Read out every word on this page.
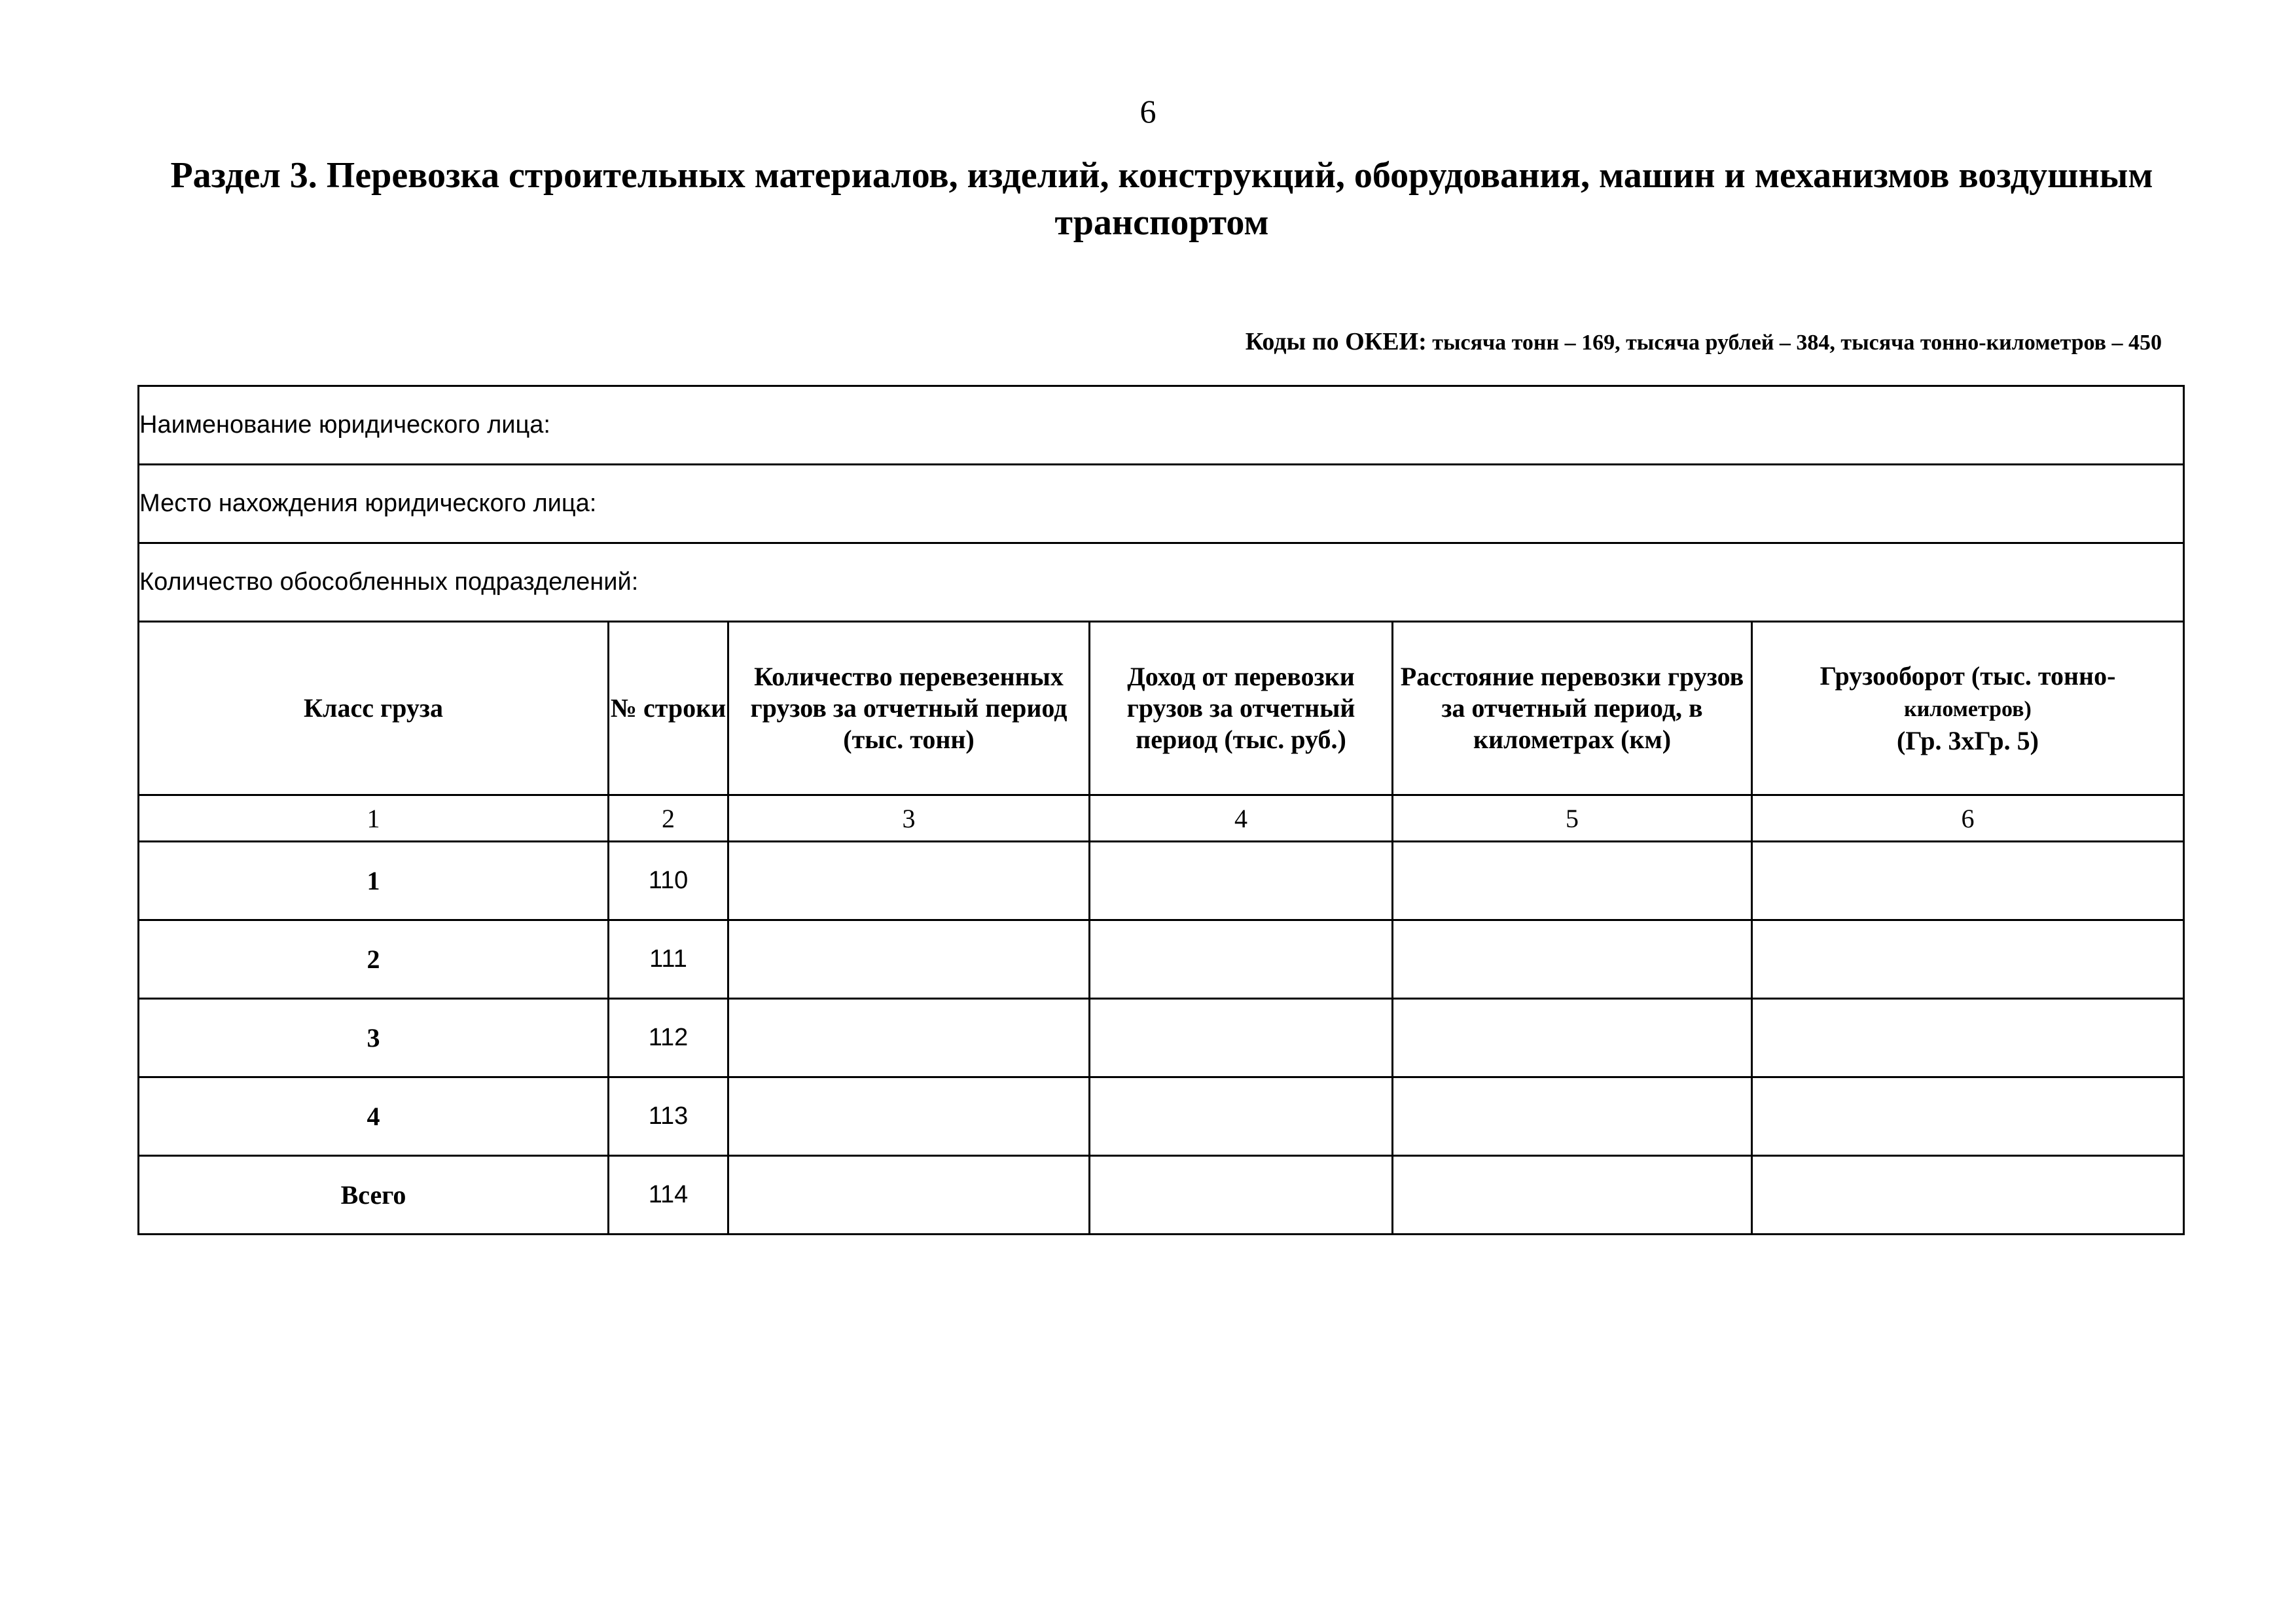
6
Раздел 3. Перевозка строительных материалов, изделий, конструкций, оборудования, машин и механизмов воздушным транспортом
Коды по ОКЕИ: тысяча тонн – 169, тысяча рублей – 384, тысяча тонно-километров – 450
Наименование юридического лица:					
Место нахождения юридического лица:					
Количество обособленных подразделений:					
Класс груза	№ строки	Количество перевезенных грузов за отчетный период (тыс. тонн)	Доход от перевозки грузов за отчетный период (тыс. руб.)	Расстояние перевозки грузов за отчетный период, в километрах (км)	Грузооборот (тыс. тонно-
километров)
(Гр. 3хГр. 5)
1	2	3	4	5	6
1	110				
2	111				
3	112				
4	113				
Всего	114				
